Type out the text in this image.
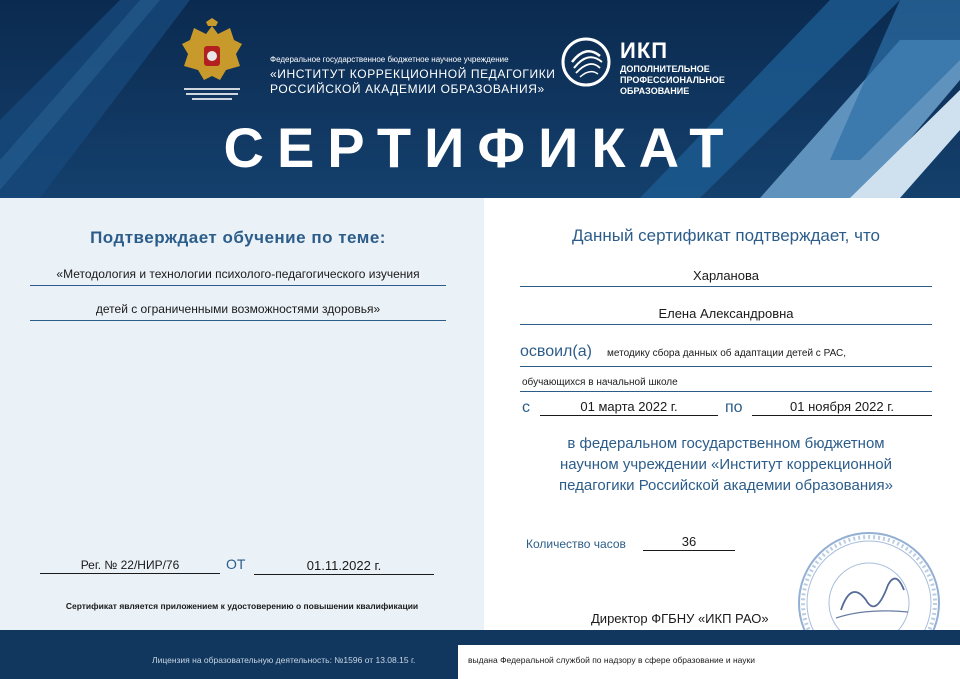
Федеральное государственное бюджетное научное учреждение
«ИНСТИТУТ КОРРЕКЦИОННОЙ ПЕДАГОГИКИ
РОССИЙСКОЙ АКАДЕМИИ ОБРАЗОВАНИЯ»
ИКП
ДОПОЛНИТЕЛЬНОЕ
ПРОФЕССИОНАЛЬНОЕ
ОБРАЗОВАНИЕ
СЕРТИФИКАТ
Подтверждает обучение по теме:
«Методология и технологии психолого-педагогического изучения
детей с ограниченными возможностями здоровья»
Рег. № 22/НИР/76	ОТ	01.11.2022 г.
Сертификат является приложением к удостоверению о повышении квалификации
Данный сертификат подтверждает, что
Харланова
Елена Александровна
освоил(а) методику сбора данных об адаптации детей с РАС,
обучающихся в начальной школе
с	01 марта 2022 г.	по	01 ноября 2022 г.
в федеральном государственном бюджетном
научном учреждении «Институт коррекционной
педагогики Российской академии образования»
Количество часов	36
Директор ФГБНУ «ИКП РАО»
Лицензия на образовательную деятельность: №1596 от 13.08.15 г.	выдана Федеральной службой по надзору в сфере образование и науки
